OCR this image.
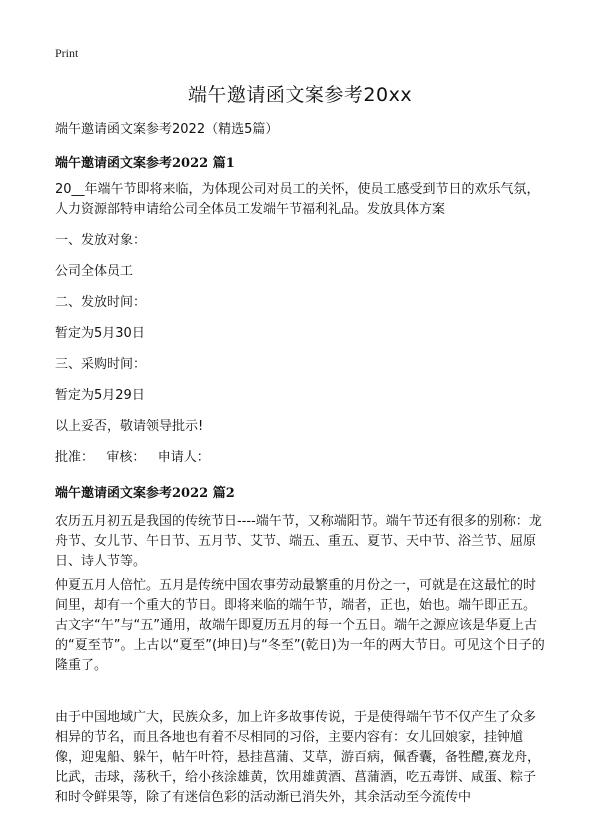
Print
端午邀请函文案参考20xx
端午邀请函文案参考2022（精选5篇）
端午邀请函文案参考2022 篇1
20__年端午节即将来临，为体现公司对员工的关怀，使员工感受到节日的欢乐气氛，人力资源部特申请给公司全体员工发端午节福利礼品。发放具体方案
一、发放对象：
公司全体员工
二、发放时间：
暂定为5月30日
三、采购时间：
暂定为5月29日
以上妥否，敬请领导批示!
批准：   审核：   申请人：
端午邀请函文案参考2022 篇2
农历五月初五是我国的传统节日----端午节，又称端阳节。端午节还有很多的别称：龙舟节、女儿节、午日节、五月节、艾节、端五、重五、夏节、天中节、浴兰节、屈原日、诗人节等。
仲夏五月人倍忙。五月是传统中国农事劳动最繁重的月份之一，可就是在这最忙的时间里，却有一个重大的节日。即将来临的端午节，端者，正也，始也。端午即正五。古文字“午”与“五”通用，故端午即夏历五月的每一个五日。端午之源应该是华夏上古的“夏至节”。上古以“夏至”(坤日)与“冬至”(乾日)为一年的两大节日。可见这个日子的隆重了。
由于中国地域广大，民族众多，加上许多故事传说，于是使得端午节不仅产生了众多相异的节名，而且各地也有着不尽相同的习俗，主要内容有：女儿回娘家，挂钟馗像，迎鬼船、躲午，帖午叶符，悬挂菖蒲、艾草，游百病，佩香囊，备牲醴,赛龙舟，比武，击球，荡秋千，给小孩涂雄黄，饮用雄黄酒、菖蒲酒，吃五毒饼、咸蛋、粽子和时令鲜果等，除了有迷信色彩的活动渐已消失外，其余活动至今流传中
